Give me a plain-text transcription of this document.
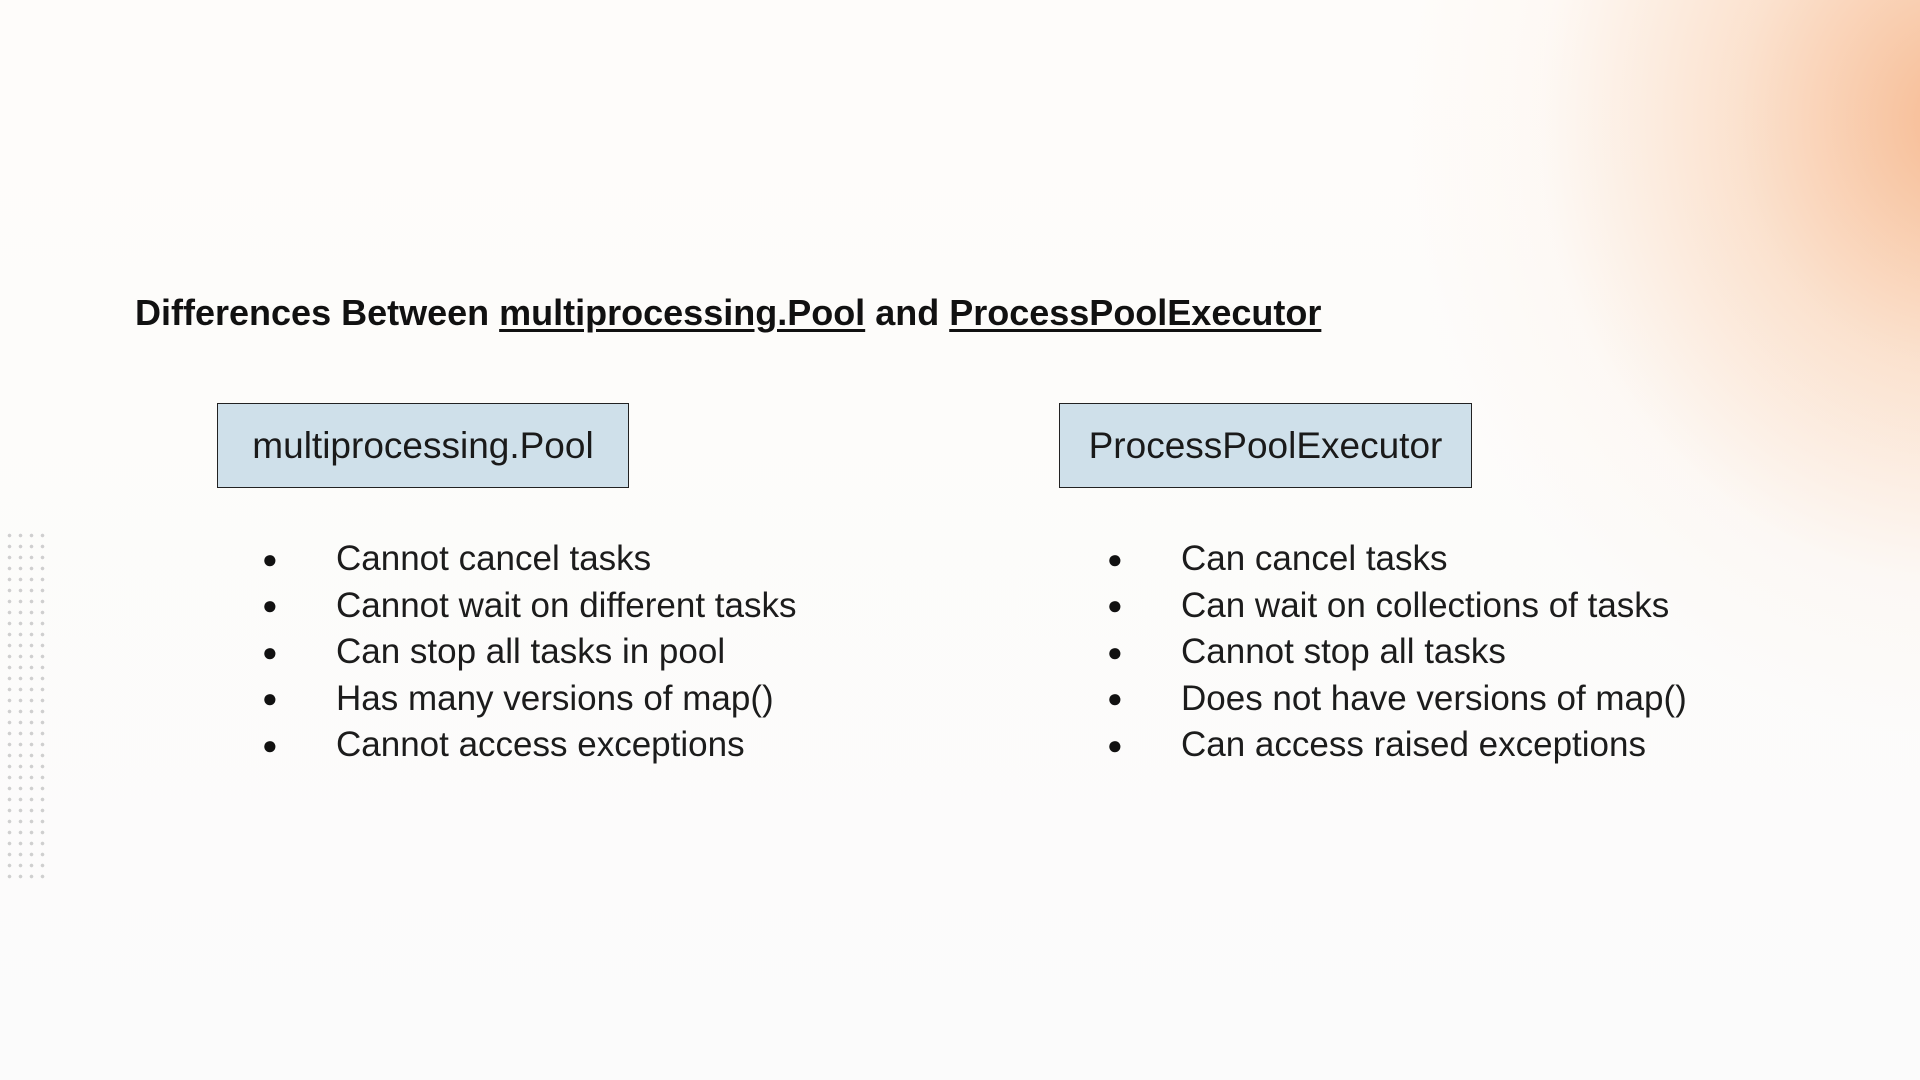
Differences Between multiprocessing.Pool and ProcessPoolExecutor
multiprocessing.Pool	ProcessPoolExecutor
●	Cannot cancel tasks
●	Cannot wait on different tasks
●	Can stop all tasks in pool
●	Has many versions of map()
●	Cannot access exceptions
●	Can cancel tasks
●	Can wait on collections of tasks
●	Cannot stop all tasks
●	Does not have versions of map()
●	Can access raised exceptions
